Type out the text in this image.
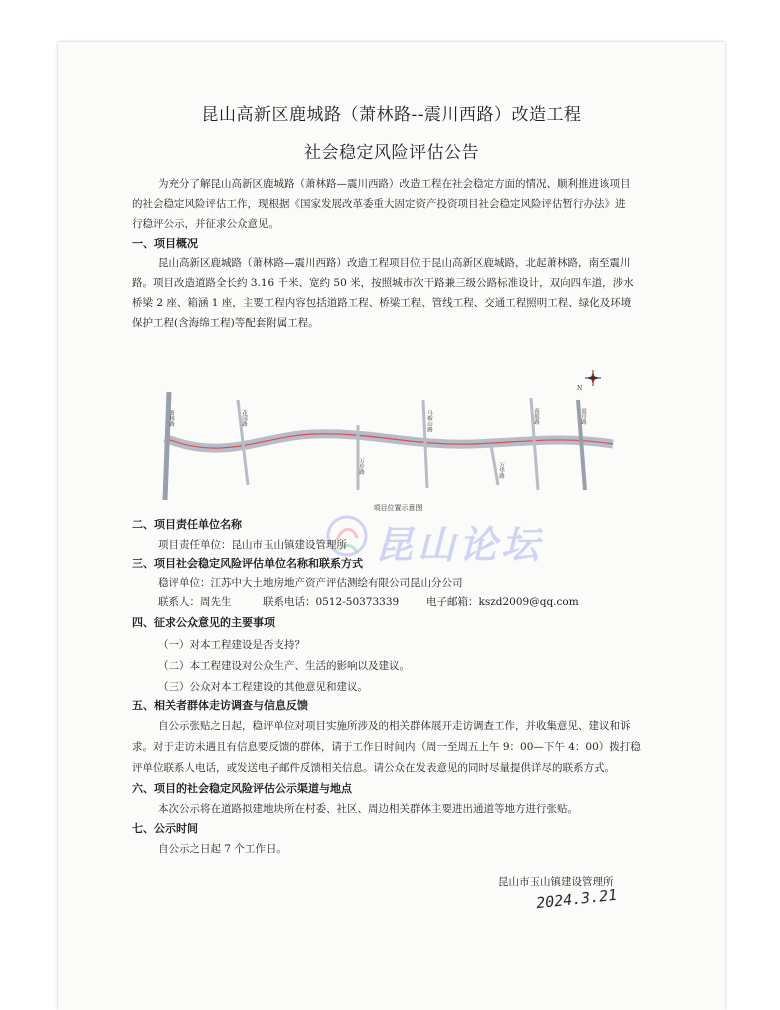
昆山高新区鹿城路（萧林路--震川西路）改造工程
社会稳定风险评估公告
为充分了解昆山高新区鹿城路（萧林路—震川西路）改造工程在社会稳定方面的情况、顺利推进该项目
的社会稳定风险评估工作，现根据《国家发展改革委重大固定资产投资项目社会稳定风险评估暂行办法》进
行稳评公示，并征求公众意见。
一、项目概况
昆山高新区鹿城路（萧林路—震川西路）改造工程项目位于昆山高新区鹿城路，北起萧林路，南至震川
路。项目改造道路全长约 3.16 千米、宽约 50 米，按照城市次干路兼三级公路标准设计，双向四车道，涉水
桥梁 2 座、箱涵 1 座，主要工程内容包括道路工程、桥梁工程、管线工程、交通工程照明工程、绿化及环境
保护工程(含海绵工程)等配套附属工程。
N
萧林路	花园路
万步路
马鞍山路	南航路	震川路
万华路
项目位置示意图
昆山论坛
二、项目责任单位名称
项目责任单位：昆山市玉山镇建设管理所
三、项目社会稳定风险评估单位名称和联系方式
稳评单位：江苏中大土地房地产资产评估测绘有限公司昆山分公司
联系人：周先生	联系电话：0512-50373339	电子邮箱：kszd2009@qq.com
四、征求公众意见的主要事项
（一）对本工程建设是否支持？
（二）本工程建设对公众生产、生活的影响以及建议。
（三）公众对本工程建设的其他意见和建议。
五、相关者群体走访调查与信息反馈
自公示张贴之日起，稳评单位对项目实施所涉及的相关群体展开走访调查工作，并收集意见、建议和诉
求。对于走访未遇且有信息要反馈的群体，请于工作日时间内（周一至周五上午 9：00—下午 4：00）拨打稳
评单位联系人电话，或发送电子邮件反馈相关信息。请公众在发表意见的同时尽量提供详尽的联系方式。
六、项目的社会稳定风险评估公示渠道与地点
本次公示将在道路拟建地块所在村委、社区、周边相关群体主要进出通道等地方进行张贴。
七、公示时间
自公示之日起 7 个工作日。
昆山市玉山镇建设管理所
2024.3.21
